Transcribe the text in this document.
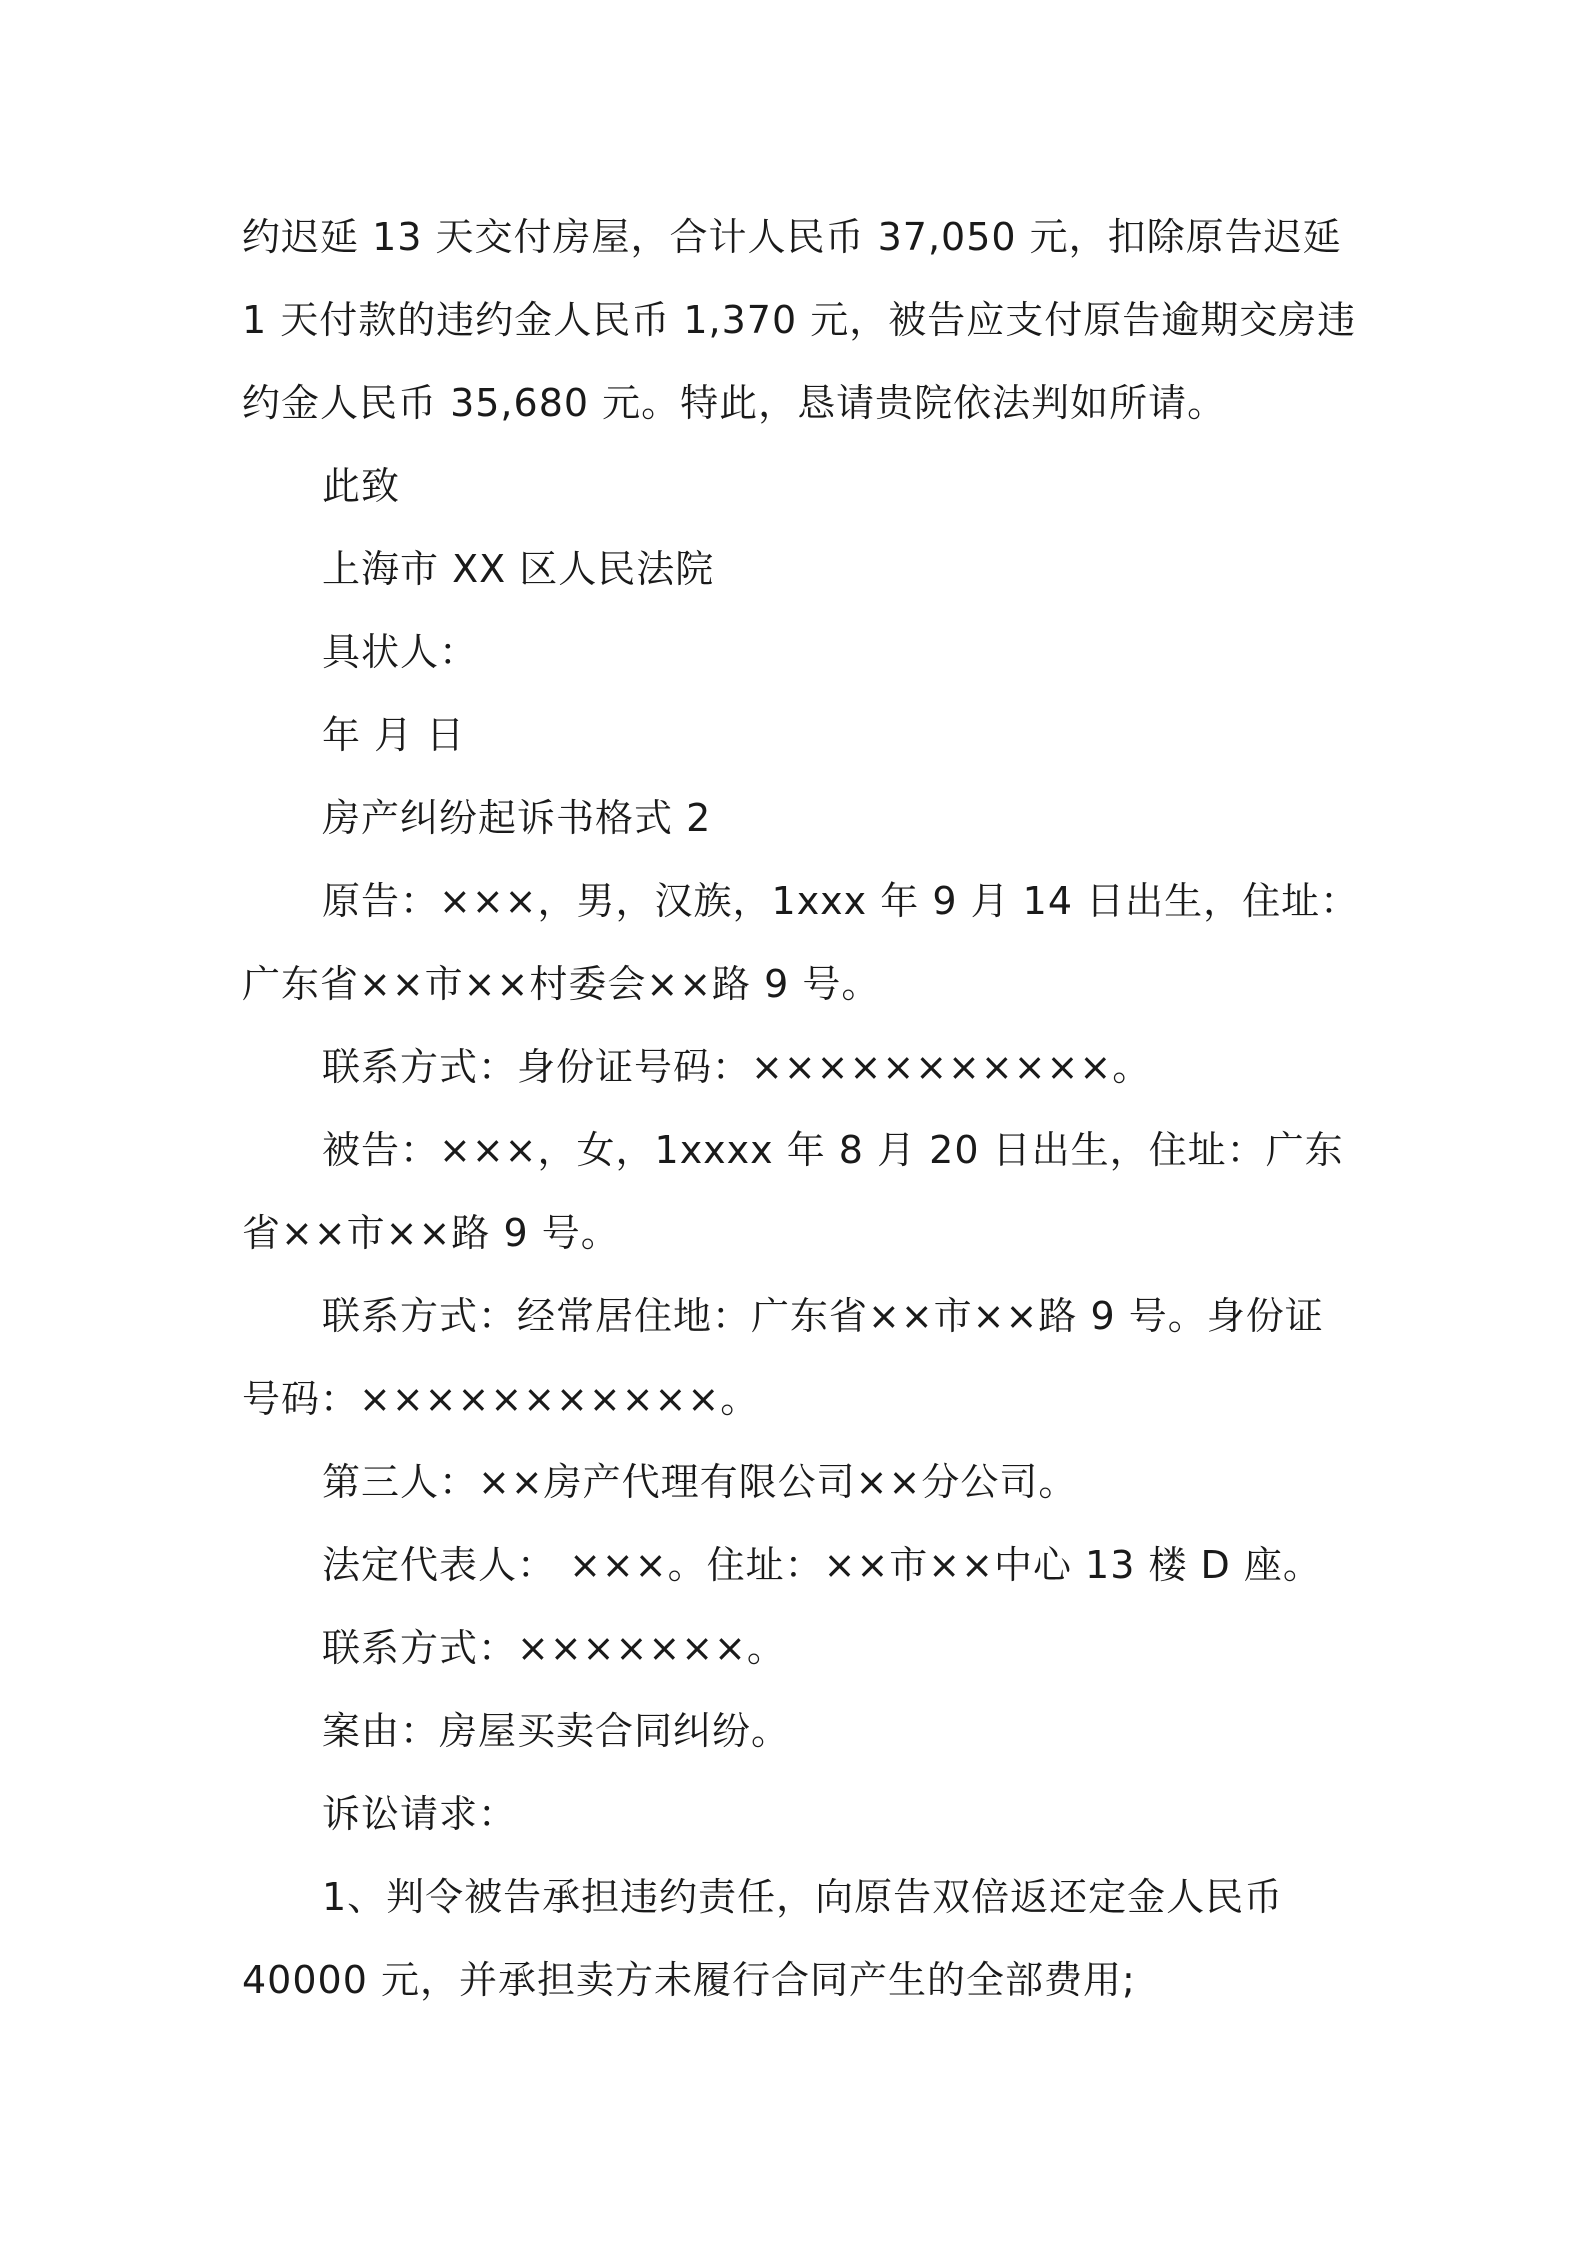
约迟延 13 天交付房屋，合计人民币 37,050 元，扣除原告迟延
1 天付款的违约金人民币 1,370 元，被告应支付原告逾期交房违
约金人民币 35,680 元。特此，恳请贵院依法判如所请。
此致
上海市 XX 区人民法院
具状人：
年 月 日
房产纠纷起诉书格式 2
原告：×××，男，汉族，1xxx 年 9 月 14 日出生，住址：
广东省××市××村委会××路 9 号。
联系方式：身份证号码：×××××××××××。
被告：×××，女，1xxxx 年 8 月 20 日出生，住址：广东
省××市××路 9 号。
联系方式：经常居住地：广东省××市××路 9 号。身份证
号码：×××××××××××。
第三人：××房产代理有限公司××分公司。
法定代表人： ×××。住址：××市××中心 13 楼 D 座。
联系方式：×××××××。
案由：房屋买卖合同纠纷。
诉讼请求：
1、判令被告承担违约责任，向原告双倍返还定金人民币
40000 元，并承担卖方未履行合同产生的全部费用;
